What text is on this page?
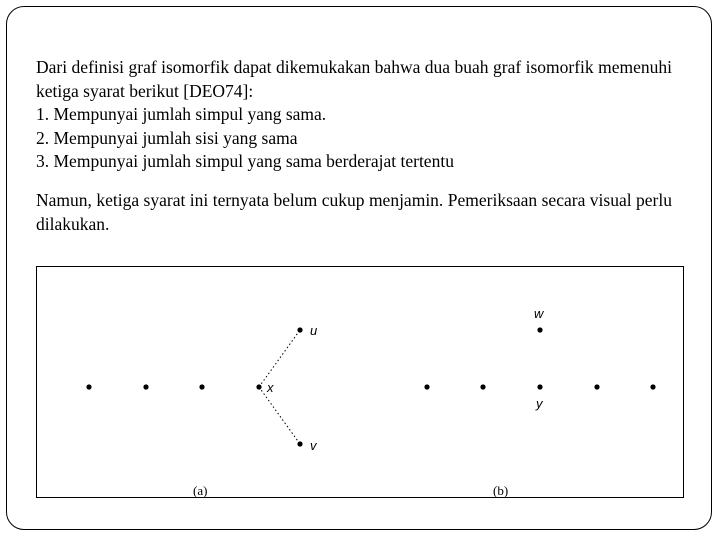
Dari definisi graf isomorfik dapat dikemukakan bahwa dua buah graf isomorfik memenuhi ketiga syarat berikut [DEO74]:
1. Mempunyai jumlah simpul yang sama.
2. Mempunyai jumlah sisi yang sama
3. Mempunyai jumlah simpul yang sama berderajat tertentu
Namun, ketiga syarat ini ternyata belum cukup menjamin. Pemeriksaan secara visual perlu dilakukan.
x
u
v
(a)
w
y
(b)
